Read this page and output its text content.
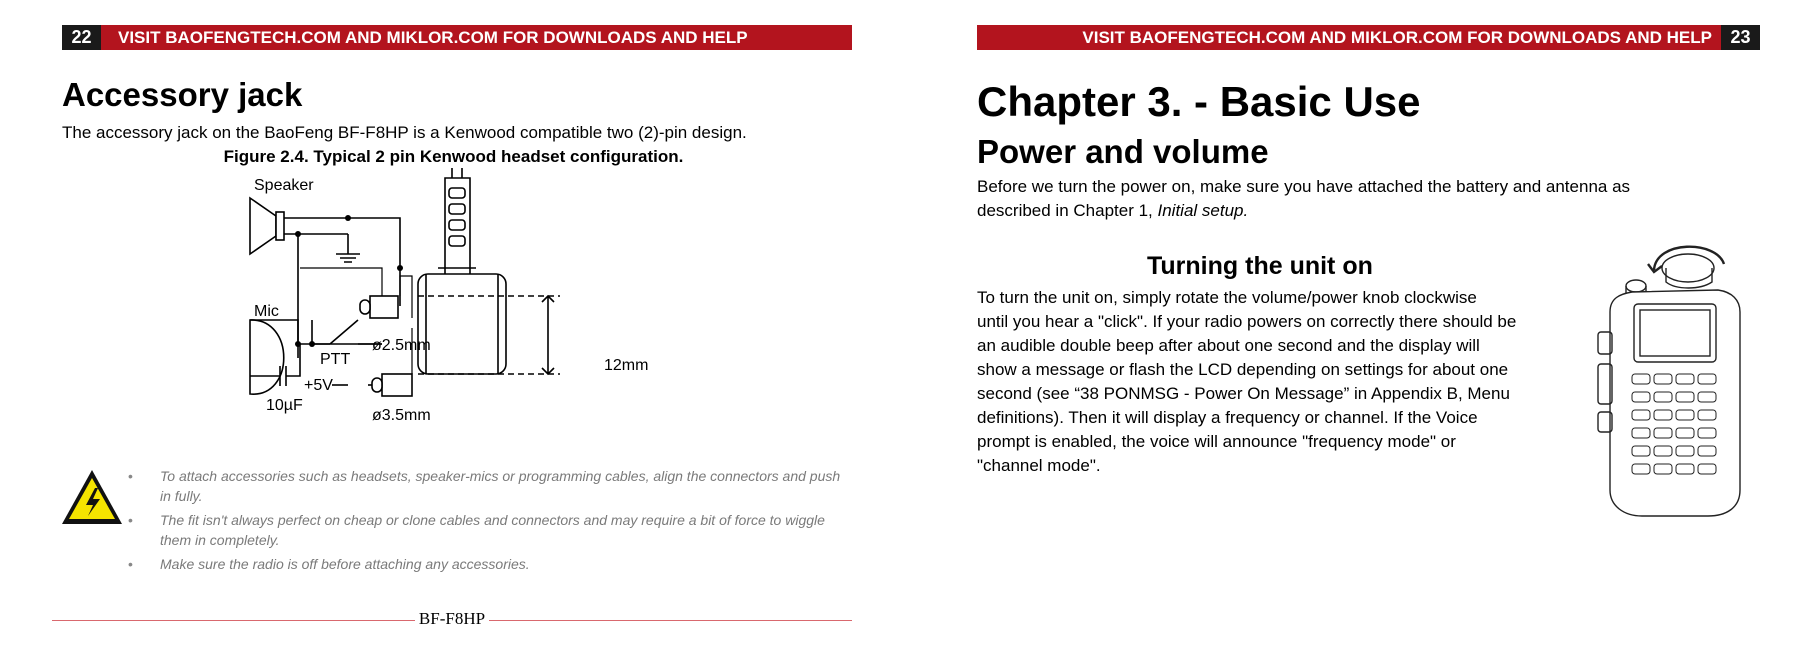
22	VISIT BAOFENGTECH.COM AND MIKLOR.COM FOR DOWNLOADS AND HELP
Accessory jack
The accessory jack on the BaoFeng BF-F8HP is a Kenwood compatible two (2)-pin design.
Figure 2.4. Typical 2 pin Kenwood headset configuration.
Speaker
Mic
PTT
10µF
+5V
ø2.5mm
ø3.5mm
12mm
• To attach accessories such as headsets, speaker-mics or programming cables, align the connectors and push in fully.
• The fit isn't always perfect on cheap or clone cables and connectors and may require a bit of force to wiggle them in completely.
• Make sure the radio is off before attaching any accessories.
BF-F8HP
VISIT BAOFENGTECH.COM AND MIKLOR.COM FOR DOWNLOADS AND HELP	23
Chapter 3. - Basic Use
Power and volume
Before we turn the power on, make sure you have attached the battery and antenna as
described in Chapter 1, Initial setup.
Turning the unit on
To turn the unit on, simply rotate the volume/power knob clockwise
until you hear a "click". If your radio powers on correctly there should be
an audible double beep after about one second and the display will
show a message or flash the LCD depending on settings for about one
second (see “38 PONMSG - Power On Message” in Appendix B, Menu
definitions). Then it will display a frequency or channel. If the Voice
prompt is enabled, the voice will announce "frequency mode" or
"channel mode".
